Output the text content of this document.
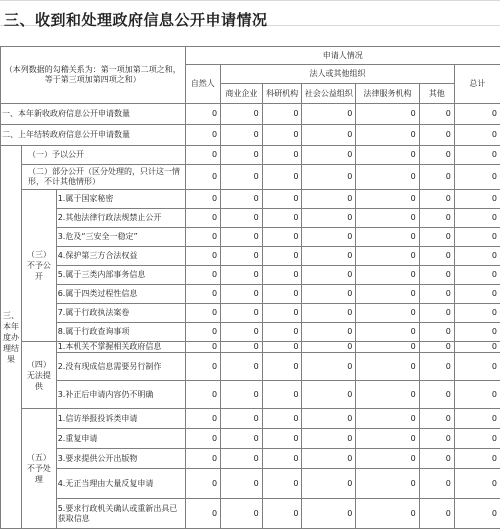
三、收到和处理政府信息公开申请情况
（本列数据的勾稽关系为：第一项加第二项之和，等于第三项加第四项之和）			申请人情况						
			自然人	法人或其他组织					总计
				商业企业	科研机构	社会公益组织	法律服务机构	其他	
一、本年新收政府信息公开申请数量			0	0	0	0	0	0	0
二、上年结转政府信息公开申请数量			0	0	0	0	0	0	0
三、本年度办理结果	（一）予以公开		0	0	0	0	0	0	0
	（二）部分公开（区分处理的，只计这一情形，不计其他情形）		0	0	0	0	0	0	0
	（三）不予公开	1.属于国家秘密	0	0	0	0	0	0	0
		2.其他法律行政法规禁止公开	0	0	0	0	0	0	0
		3.危及“三安全一稳定”	0	0	0	0	0	0	0
		4.保护第三方合法权益	0	0	0	0	0	0	0
		5.属于三类内部事务信息	0	0	0	0	0	0	0
		6.属于四类过程性信息	0	0	0	0	0	0	0
		7.属于行政执法案卷	0	0	0	0	0	0	0
		8.属于行政查询事项	0	0	0	0	0	0	0
	（四）无法提供	1.本机关不掌握相关政府信息	0	0	0	0	0	0	0
		2.没有现成信息需要另行制作	0	0	0	0	0	0	0
		3.补正后申请内容仍不明确	0	0	0	0	0	0	0
	（五）不予处理	1.信访举报投诉类申请	0	0	0	0	0	0	0
		2.重复申请	0	0	0	0	0	0	0
		3.要求提供公开出版物	0	0	0	0	0	0	0
		4.无正当理由大量反复申请	0	0	0	0	0	0	0
		5.要求行政机关确认或重新出具已获取信息	0	0	0	0	0	0	0
